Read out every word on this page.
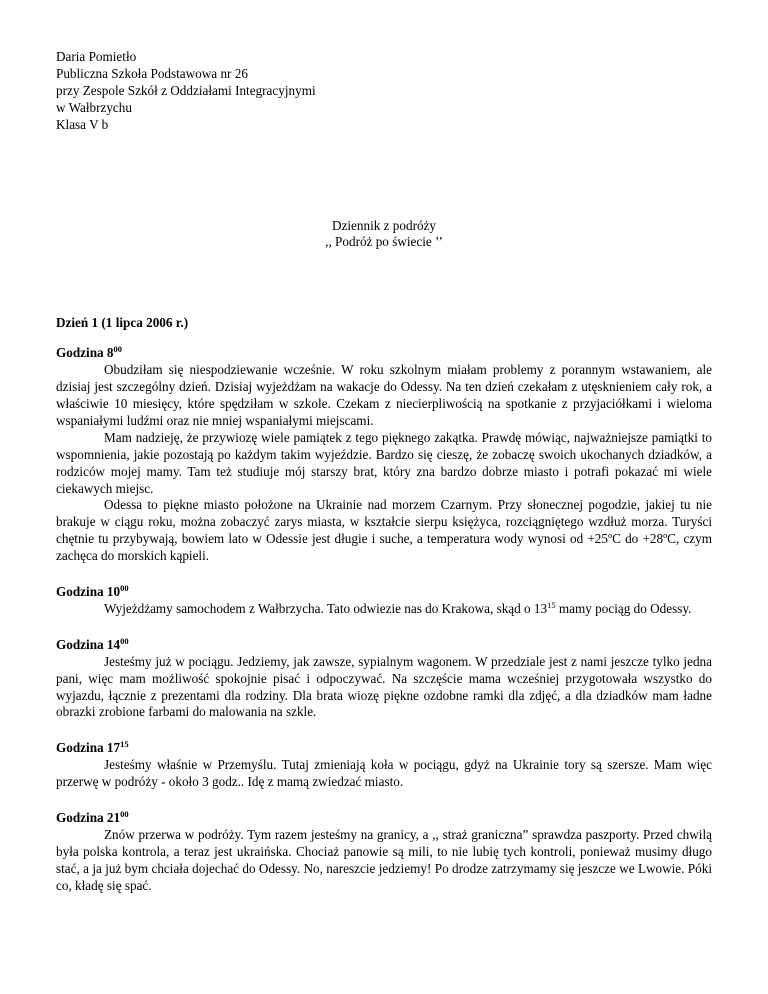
Daria Pomietło
Publiczna Szkoła Podstawowa nr 26
przy Zespole Szkół z Oddziałami Integracyjnymi
w Wałbrzychu
Klasa V b
Dziennik z podróży
,, Podróż po świecie ’’
Dzień 1 (1 lipca 2006 r.)
Godzina $8^{00}$

Obudziłam się niespodziewanie wcześnie. W roku szkolnym miałam problemy z porannym wstawaniem, ale dzisiaj jest szczególny dzień. Dzisiaj wyjeżdżam na wakacje do Odessy. Na ten dzień czekałam z utęsknieniem cały rok, a właściwie 10 miesięcy, które spędziłam w szkole. Czekam z niecierpliwością na spotkanie z przyjaciółkami i wieloma wspaniałymi ludźmi oraz nie mniej wspaniałymi miejscami.

Mam nadzieję, że przywiozę wiele pamiątek z tego pięknego zakątka. Prawdę mówiąc, najważniejsze pamiątki to wspomnienia, jakie pozostają po każdym takim wyjeździe. Bardzo się cieszę, że zobaczę swoich ukochanych dziadków, a rodziców mojej mamy. Tam też studiuje mój starszy brat, który zna bardzo dobrze miasto i potrafi pokazać mi wiele ciekawych miejsc.

Odessa to piękne miasto położone na Ukrainie nad morzem Czarnym. Przy słonecznej pogodzie, jakiej tu nie brakuje w ciągu roku, można zobaczyć zarys miasta, w kształcie sierpu księżyca, rozciągniętego wzdłuż morza. Turyści chętnie tu przybywają, bowiem lato w Odessie jest długie i suche, a temperatura wody wynosi od +25ºC do +28ºC, czym zachęca do morskich kąpieli.

Godzina $10^{00}$

Wyjeżdżamy samochodem z Wałbrzycha. Tato odwiezie nas do Krakowa, skąd o $13^{15}$ mamy pociąg do Odessy.

Godzina $14^{00}$

Jesteśmy już w pociągu. Jedziemy, jak zawsze, sypialnym wagonem. W przedziale jest z nami jeszcze tylko jedna pani, więc mam możliwość spokojnie pisać i odpoczywać. Na szczęście mama wcześniej przygotowała wszystko do wyjazdu, łącznie z prezentami dla rodziny. Dla brata wiozę piękne ozdobne ramki dla zdjęć, a dla dziadków mam ładne obrazki zrobione farbami do malowania na szkle.

Godzina $17^{15}$

Jesteśmy właśnie w Przemyślu. Tutaj zmieniają koła w pociągu, gdyż na Ukrainie tory są szersze. Mam więc przerwę w podróży - około 3 godz.. Idę z mamą zwiedzać miasto.

Godzina $21^{00}$

Znów przerwa w podróży. Tym razem jesteśmy na granicy, a ,, straż graniczna” sprawdza paszporty. Przed chwilą była polska kontrola, a teraz jest ukraińska. Chociaż panowie są mili, to nie lubię tych kontroli, ponieważ musimy długo stać, a ja już bym chciała dojechać do Odessy. No, nareszcie jedziemy! Po drodze zatrzymamy się jeszcze we Lwowie. Póki co, kładę się spać.
